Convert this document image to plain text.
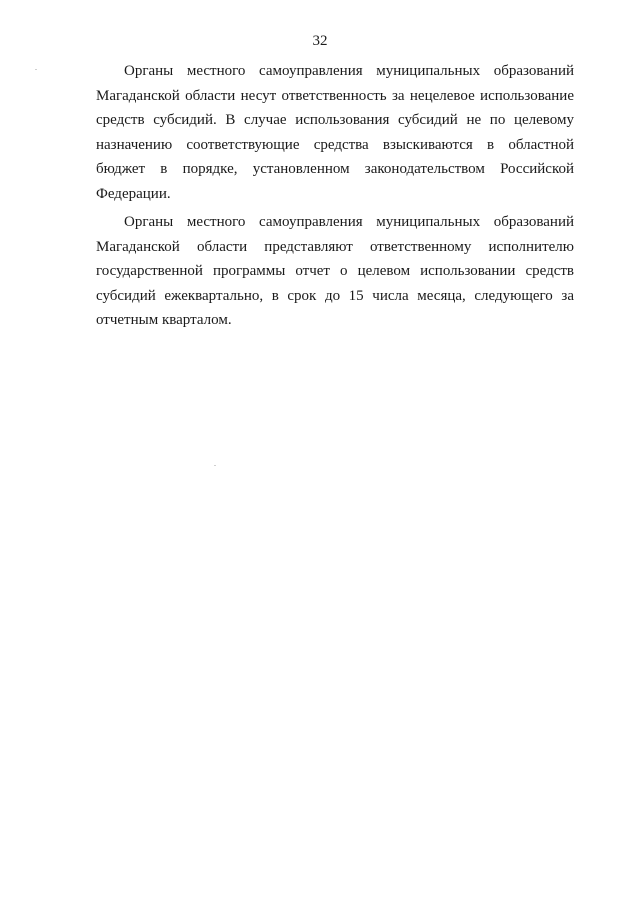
32

Органы местного самоуправления муниципальных образований Магаданской области несут ответственность за нецелевое использование средств субсидий. В случае использования субсидий не по целевому назначению соответствующие средства взыскиваются в областной бюджет в порядке, установленном законодательством Российской Федерации.

Органы местного самоуправления муниципальных образований Магаданской области представляют ответственному исполнителю государственной программы отчет о целевом использовании средств субсидий ежеквартально, в срок до 15 числа месяца, следующего за отчетным кварталом.
